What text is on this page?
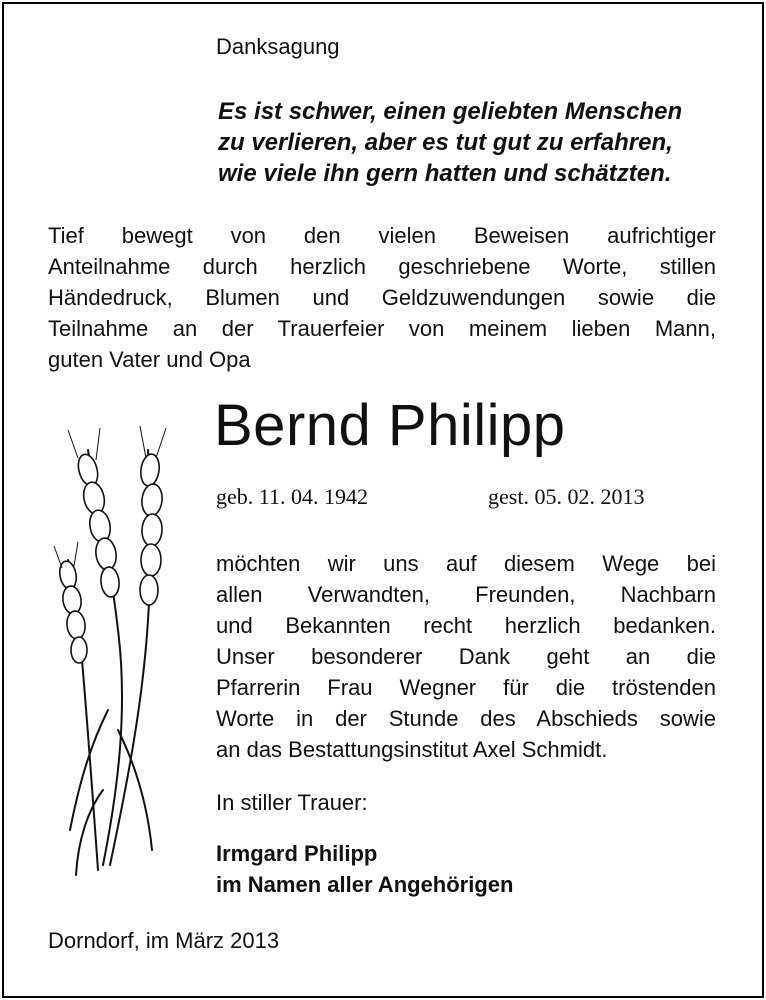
Danksagung
Es ist schwer, einen geliebten Menschen
zu verlieren, aber es tut gut zu erfahren,
wie viele ihn gern hatten und schätzten.
Tief bewegt von den vielen Beweisen aufrichtiger
Anteilnahme durch herzlich geschriebene Worte, stillen
Händedruck, Blumen und Geldzuwendungen sowie die
Teilnahme an der Trauerfeier von meinem lieben Mann,
guten Vater und Opa
Bernd Philipp
geb. 11. 04. 1942	gest. 05. 02. 2013
möchten wir uns auf diesem Wege bei
allen Verwandten, Freunden, Nachbarn
und Bekannten recht herzlich bedanken.
Unser besonderer Dank geht an die
Pfarrerin Frau Wegner für die tröstenden
Worte in der Stunde des Abschieds sowie
an das Bestattungsinstitut Axel Schmidt.
In stiller Trauer:
Irmgard Philipp
im Namen aller Angehörigen
Dorndorf, im März 2013
